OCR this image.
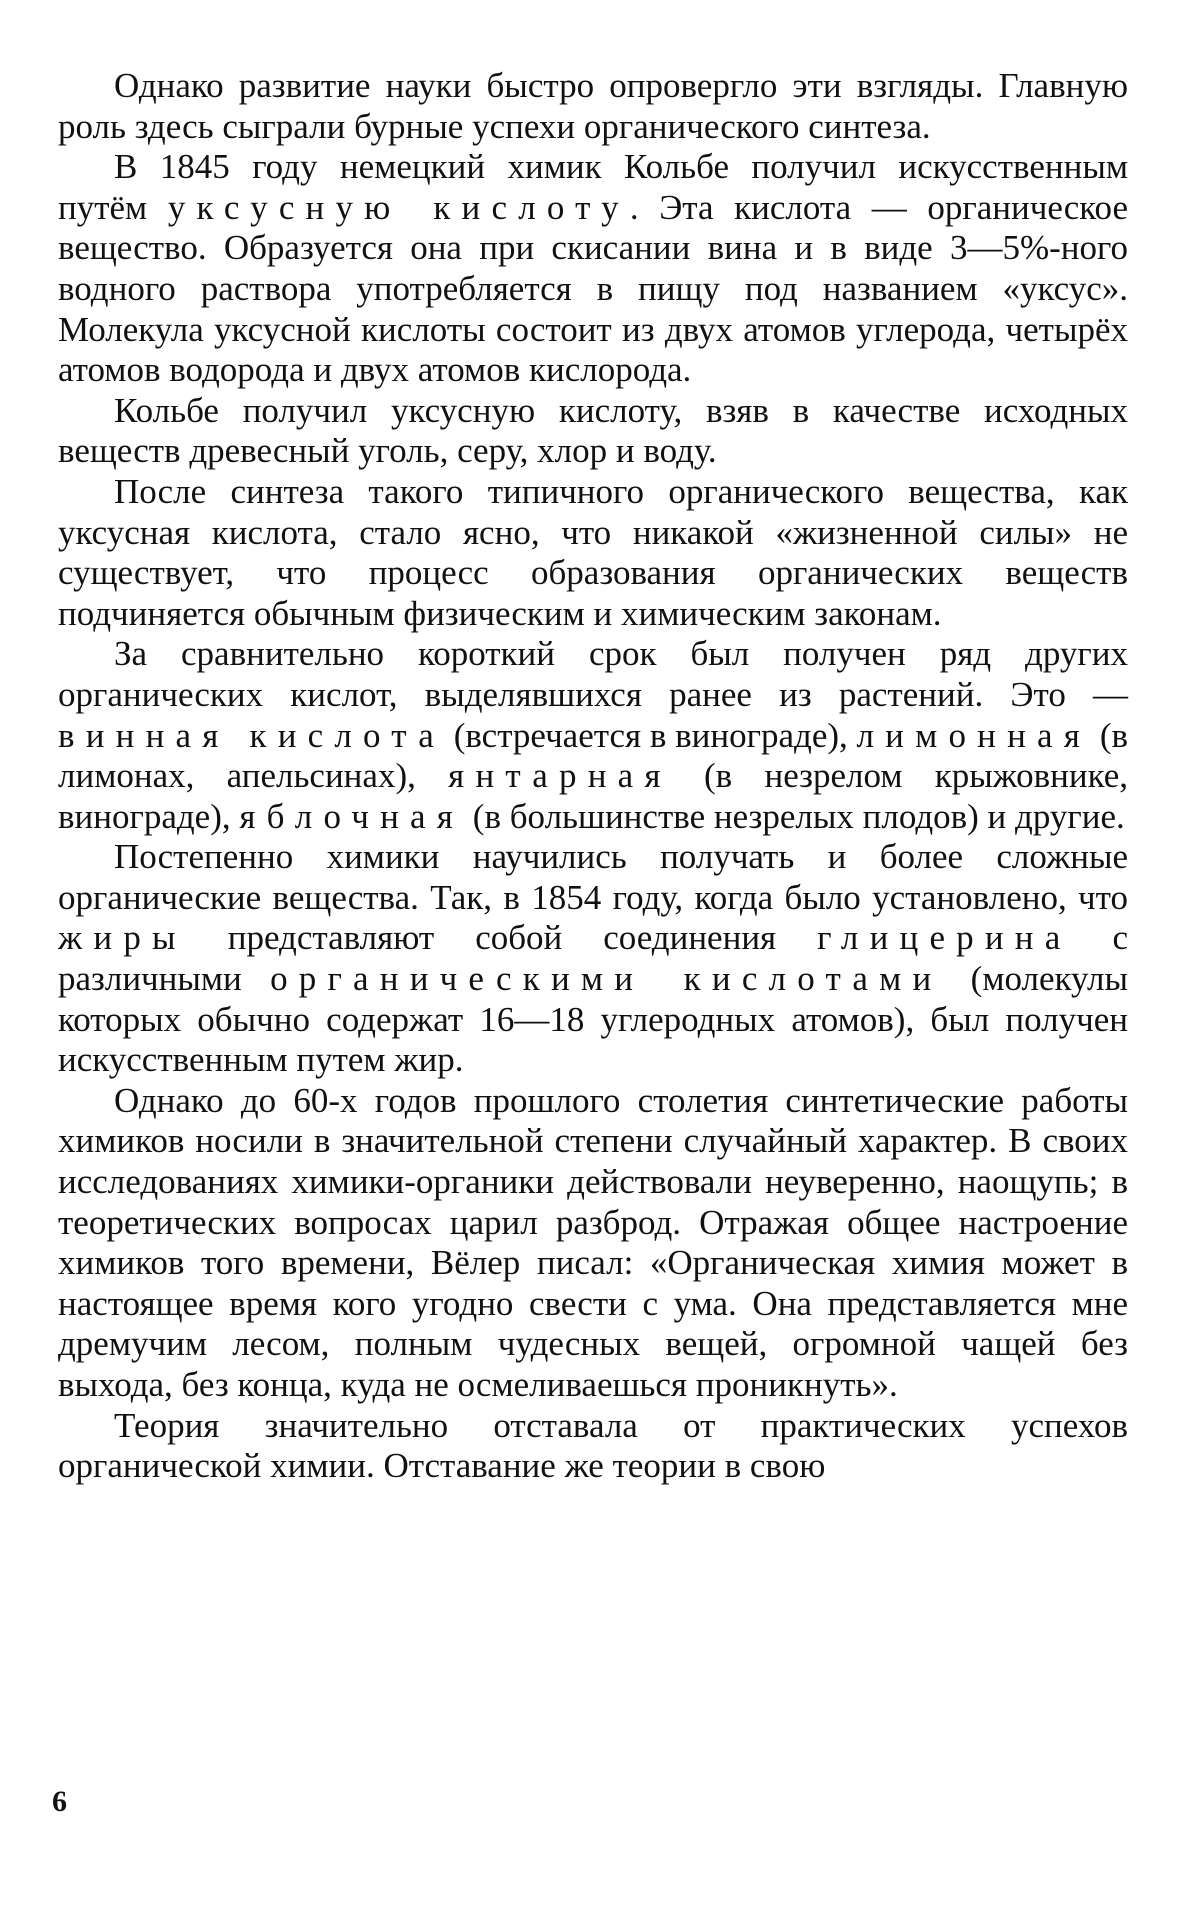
Однако развитие науки быстро опровергло эти взгляды. Главную роль здесь сыграли бурные успехи органического синтеза.

В 1845 году немецкий химик Кольбе получил искусственным путём уксусную кислоту. Эта кислота — органическое вещество. Образуется она при скисании вина и в виде 3—5%-ного водного раствора употребляется в пищу под названием «уксус». Молекула уксусной кислоты состоит из двух атомов углерода, четырёх атомов водорода и двух атомов кислорода.

Кольбе получил уксусную кислоту, взяв в качестве исходных веществ древесный уголь, серу, хлор и воду.

После синтеза такого типичного органического вещества, как уксусная кислота, стало ясно, что никакой «жизненной силы» не существует, что процесс образования органических веществ подчиняется обычным физическим и химическим законам.

За сравнительно короткий срок был получен ряд других органических кислот, выделявшихся ранее из растений. Это — винная кислота (встречается в винограде), лимонная (в лимонах, апельсинах), янтарная (в незрелом крыжовнике, винограде), яблочная (в большинстве незрелых плодов) и другие.

Постепенно химики научились получать и более сложные органические вещества. Так, в 1854 году, когда было установлено, что жиры представляют собой соединения глицерина с различными органическими кислотами (молекулы которых обычно содержат 16—18 углеродных атомов), был получен искусственным путем жир.

Однако до 60-х годов прошлого столетия синтетические работы химиков носили в значительной степени случайный характер. В своих исследованиях химики-органики действовали неуверенно, наощупь; в теоретических вопросах царил разброд. Отражая общее настроение химиков того времени, Вёлер писал: «Органическая химия может в настоящее время кого угодно свести с ума. Она представляется мне дремучим лесом, полным чудесных вещей, огромной чащей без выхода, без конца, куда не осмеливаешься проникнуть».

Теория значительно отставала от практических успехов органической химии. Отставание же теории в свою

6
